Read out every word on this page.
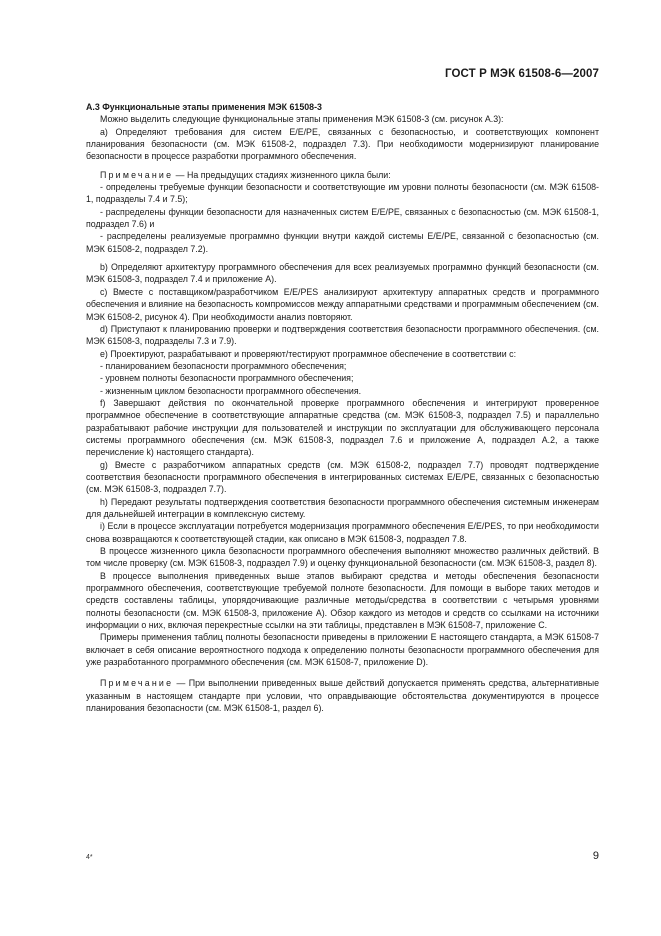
ГОСТ Р МЭК 61508-6—2007
А.3 Функциональные этапы применения МЭК 61508-3

Можно выделить следующие функциональные этапы применения МЭК 61508-3 (см. рисунок А.3):

а) Определяют требования для систем E/E/PE, связанных с безопасностью, и соответствующих компонент планирования безопасности (см. МЭК 61508-2, подраздел 7.3). При необходимости модернизируют планирование безопасности в процессе разработки программного обеспечения.

Примечание — На предыдущих стадиях жизненного цикла были:

- определены требуемые функции безопасности и соответствующие им уровни полноты безопасности (см. МЭК 61508-1, подразделы 7.4 и 7.5);

- распределены функции безопасности для назначенных систем E/E/PE, связанных с безопасностью (см. МЭК 61508-1, подраздел 7.6) и

- распределены реализуемые программно функции внутри каждой системы E/E/PE, связанной с безопасностью (см. МЭК 61508-2, подраздел 7.2).

b) Определяют архитектуру программного обеспечения для всех реализуемых программно функций безопасности (см. МЭК 61508-3, подраздел 7.4 и приложение А).

c) Вместе с поставщиком/разработчиком E/E/PES анализируют архитектуру аппаратных средств и программного обеспечения и влияние на безопасность компромиссов между аппаратными средствами и программным обеспечением (см. МЭК 61508-2, рисунок 4). При необходимости анализ повторяют.

d) Приступают к планированию проверки и подтверждения соответствия безопасности программного обеспечения. (см. МЭК 61508-3, подразделы 7.3 и 7.9).

e) Проектируют, разрабатывают и проверяют/тестируют программное обеспечение в соответствии с:

- планированием безопасности программного обеспечения;

- уровнем полноты безопасности программного обеспечения;

- жизненным циклом безопасности программного обеспечения.

f) Завершают действия по окончательной проверке программного обеспечения и интегрируют проверенное программное обеспечение в соответствующие аппаратные средства (см. МЭК 61508-3, подраздел 7.5) и параллельно разрабатывают рабочие инструкции для пользователей и инструкции по эксплуатации для обслуживающего персонала системы программного обеспечения (см. МЭК 61508-3, подраздел 7.6 и приложение А, подраздел А.2, а также перечисление k) настоящего стандарта).

g) Вместе с разработчиком аппаратных средств (см. МЭК 61508-2, подраздел 7.7) проводят подтверждение соответствия безопасности программного обеспечения в интегрированных системах E/E/PE, связанных с безопасностью (см. МЭК 61508-3, подраздел 7.7).

h) Передают результаты подтверждения соответствия безопасности программного обеспечения системным инженерам для дальнейшей интеграции в комплексную систему.

i) Если в процессе эксплуатации потребуется модернизация программного обеспечения E/E/PES, то при необходимости снова возвращаются к соответствующей стадии, как описано в МЭК 61508-3, подраздел 7.8.

В процессе жизненного цикла безопасности программного обеспечения выполняют множество различных действий. В том числе проверку (см. МЭК 61508-3, подраздел 7.9) и оценку функциональной безопасности (см. МЭК 61508-3, раздел 8).

В процессе выполнения приведенных выше этапов выбирают средства и методы обеспечения безопасности программного обеспечения, соответствующие требуемой полноте безопасности. Для помощи в выборе таких методов и средств составлены таблицы, упорядочивающие различные методы/средства в соответствии с четырьмя уровнями полноты безопасности (см. МЭК 61508-3, приложение А). Обзор каждого из методов и средств со ссылками на источники информации о них, включая перекрестные ссылки на эти таблицы, представлен в МЭК 61508-7, приложение С.

Примеры применения таблиц полноты безопасности приведены в приложении Е настоящего стандарта, а МЭК 61508-7 включает в себя описание вероятностного подхода к определению полноты безопасности программного обеспечения для уже разработанного программного обеспечения (см. МЭК 61508-7, приложение D).

Примечание — При выполнении приведенных выше действий допускается применять средства, альтернативные указанным в настоящем стандарте при условии, что оправдывающие обстоятельства документируются в процессе планирования безопасности (см. МЭК 61508-1, раздел 6).

4*	9
